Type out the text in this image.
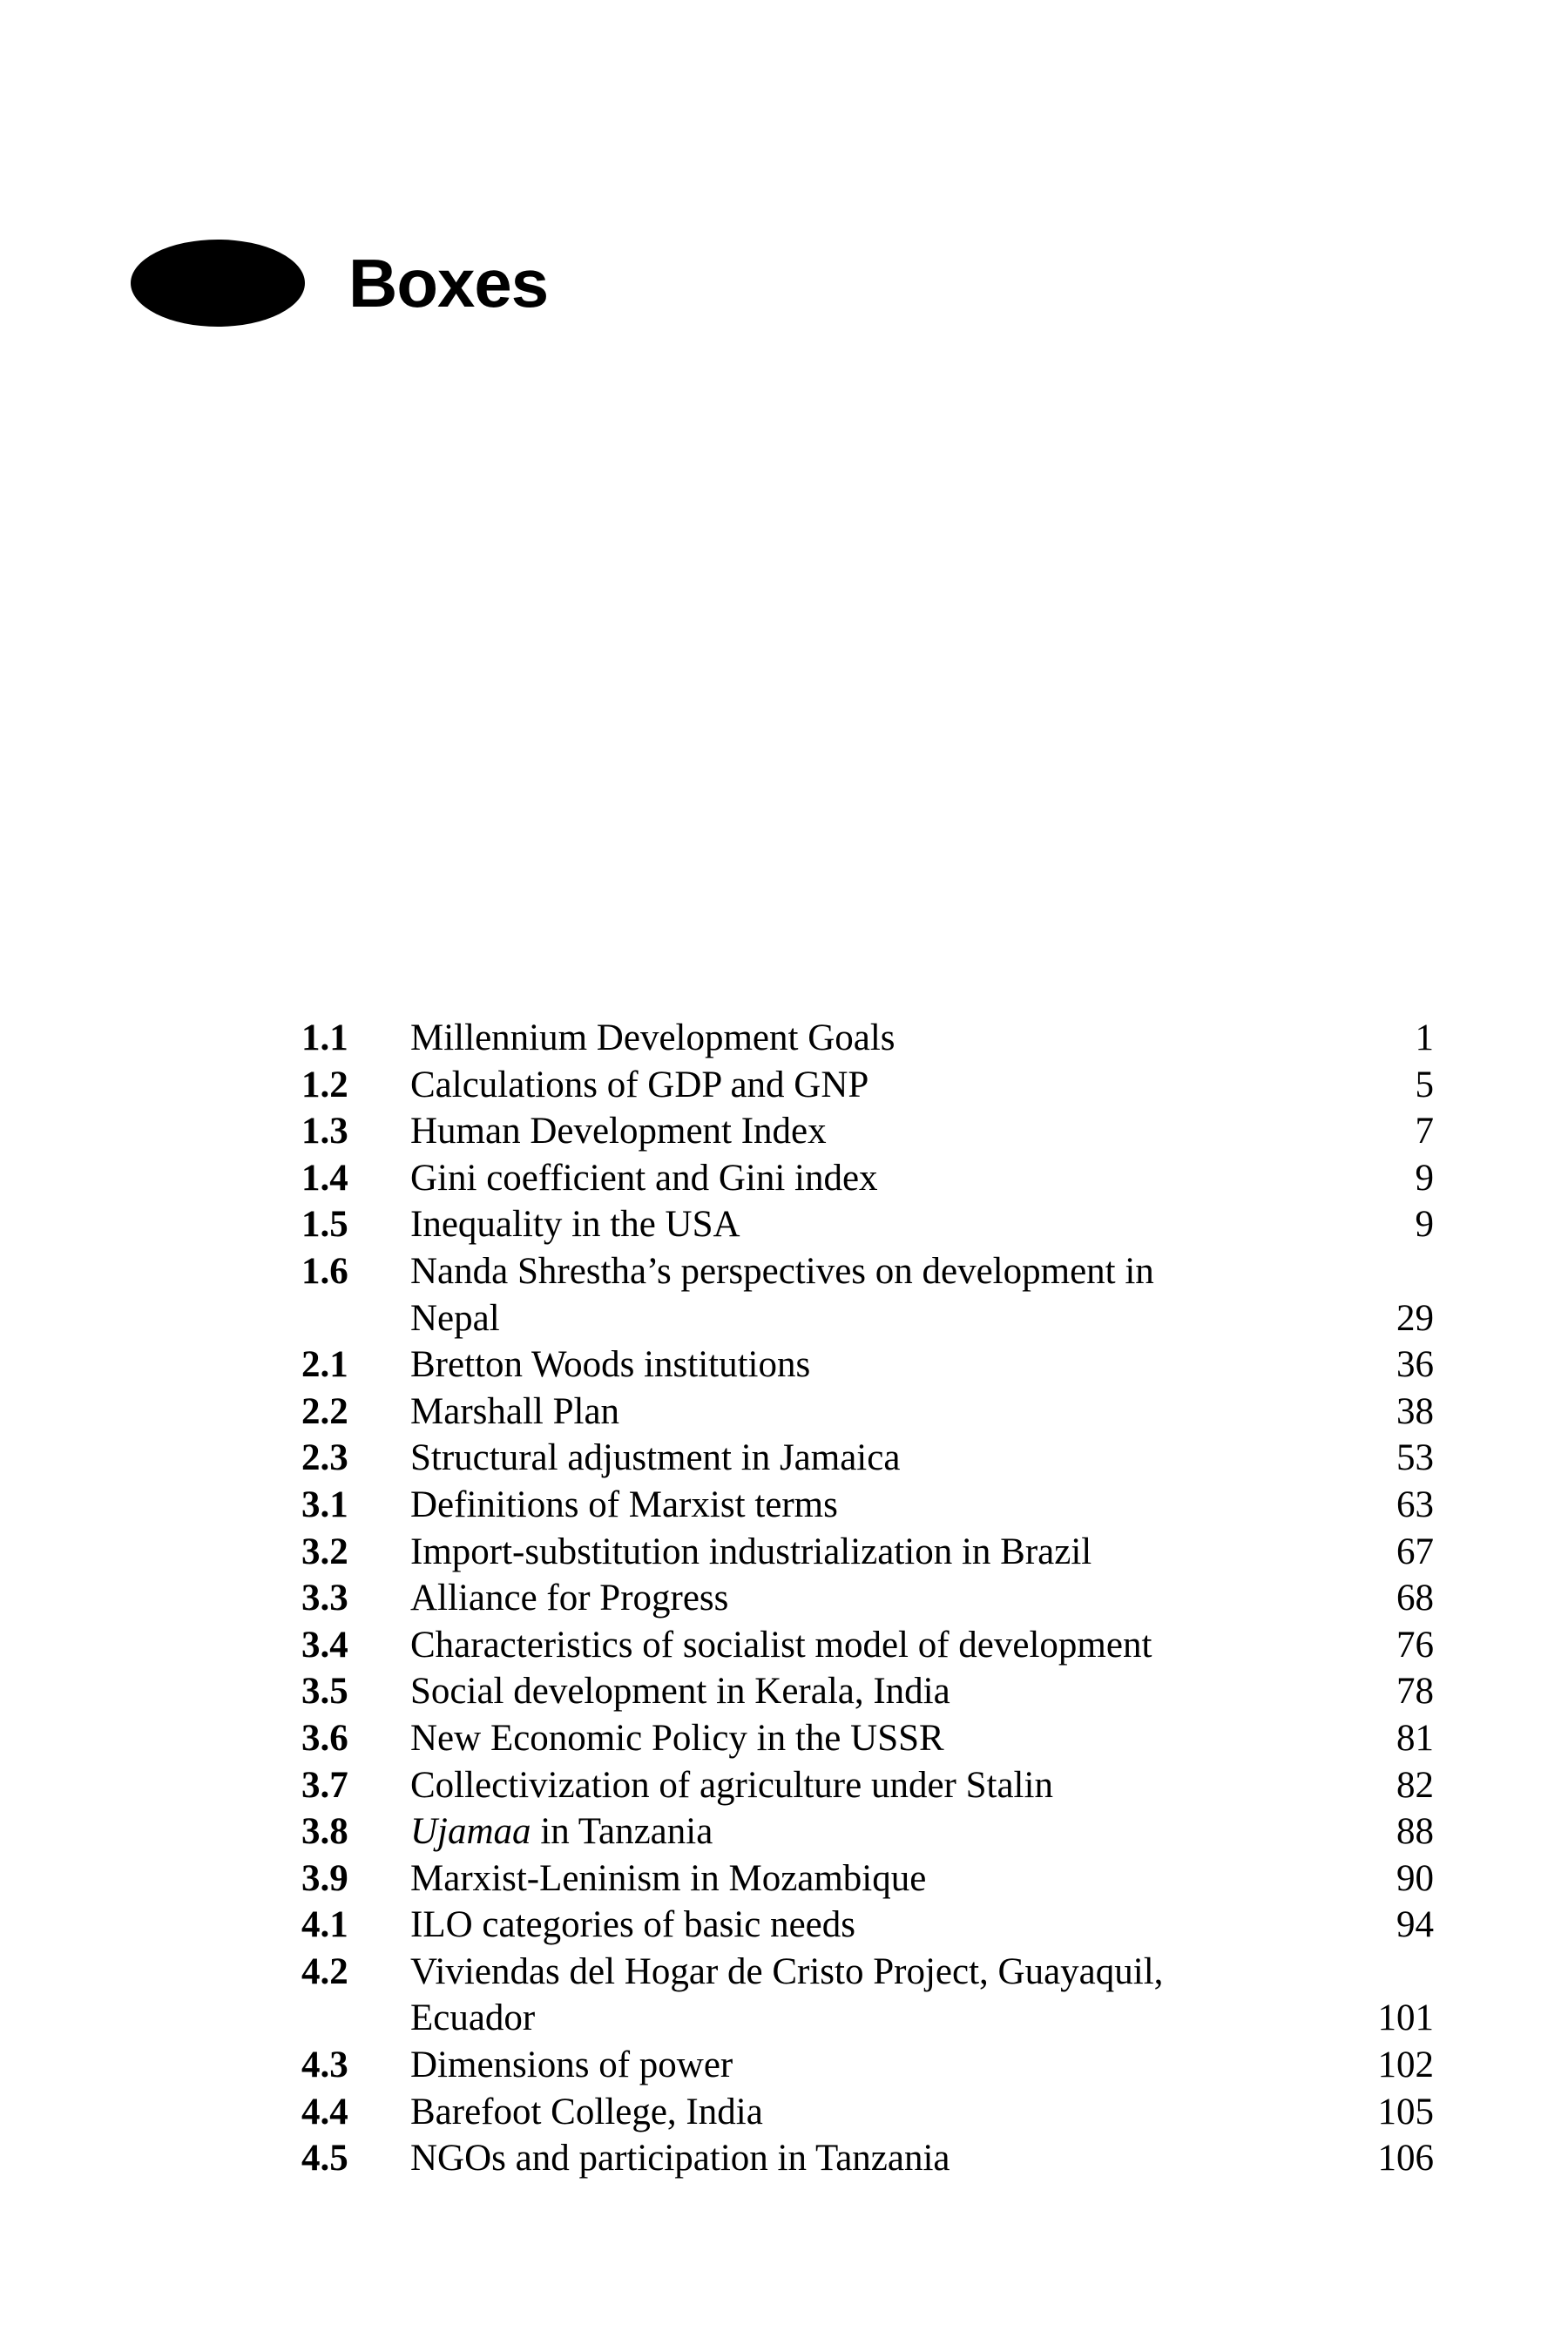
Boxes
1.1	Millennium Development Goals	1
1.2	Calculations of GDP and GNP	5
1.3	Human Development Index	7
1.4	Gini coefficient and Gini index	9
1.5	Inequality in the USA	9
1.6	Nanda Shrestha’s perspectives on development in
Nepal	29
2.1	Bretton Woods institutions	36
2.2	Marshall Plan	38
2.3	Structural adjustment in Jamaica	53
3.1	Definitions of Marxist terms	63
3.2	Import-substitution industrialization in Brazil	67
3.3	Alliance for Progress	68
3.4	Characteristics of socialist model of development	76
3.5	Social development in Kerala, India	78
3.6	New Economic Policy in the USSR	81
3.7	Collectivization of agriculture under Stalin	82
3.8	Ujamaa in Tanzania	88
3.9	Marxist-Leninism in Mozambique	90
4.1	ILO categories of basic needs	94
4.2	Viviendas del Hogar de Cristo Project, Guayaquil,
Ecuador	101
4.3	Dimensions of power	102
4.4	Barefoot College, India	105
4.5	NGOs and participation in Tanzania	106
